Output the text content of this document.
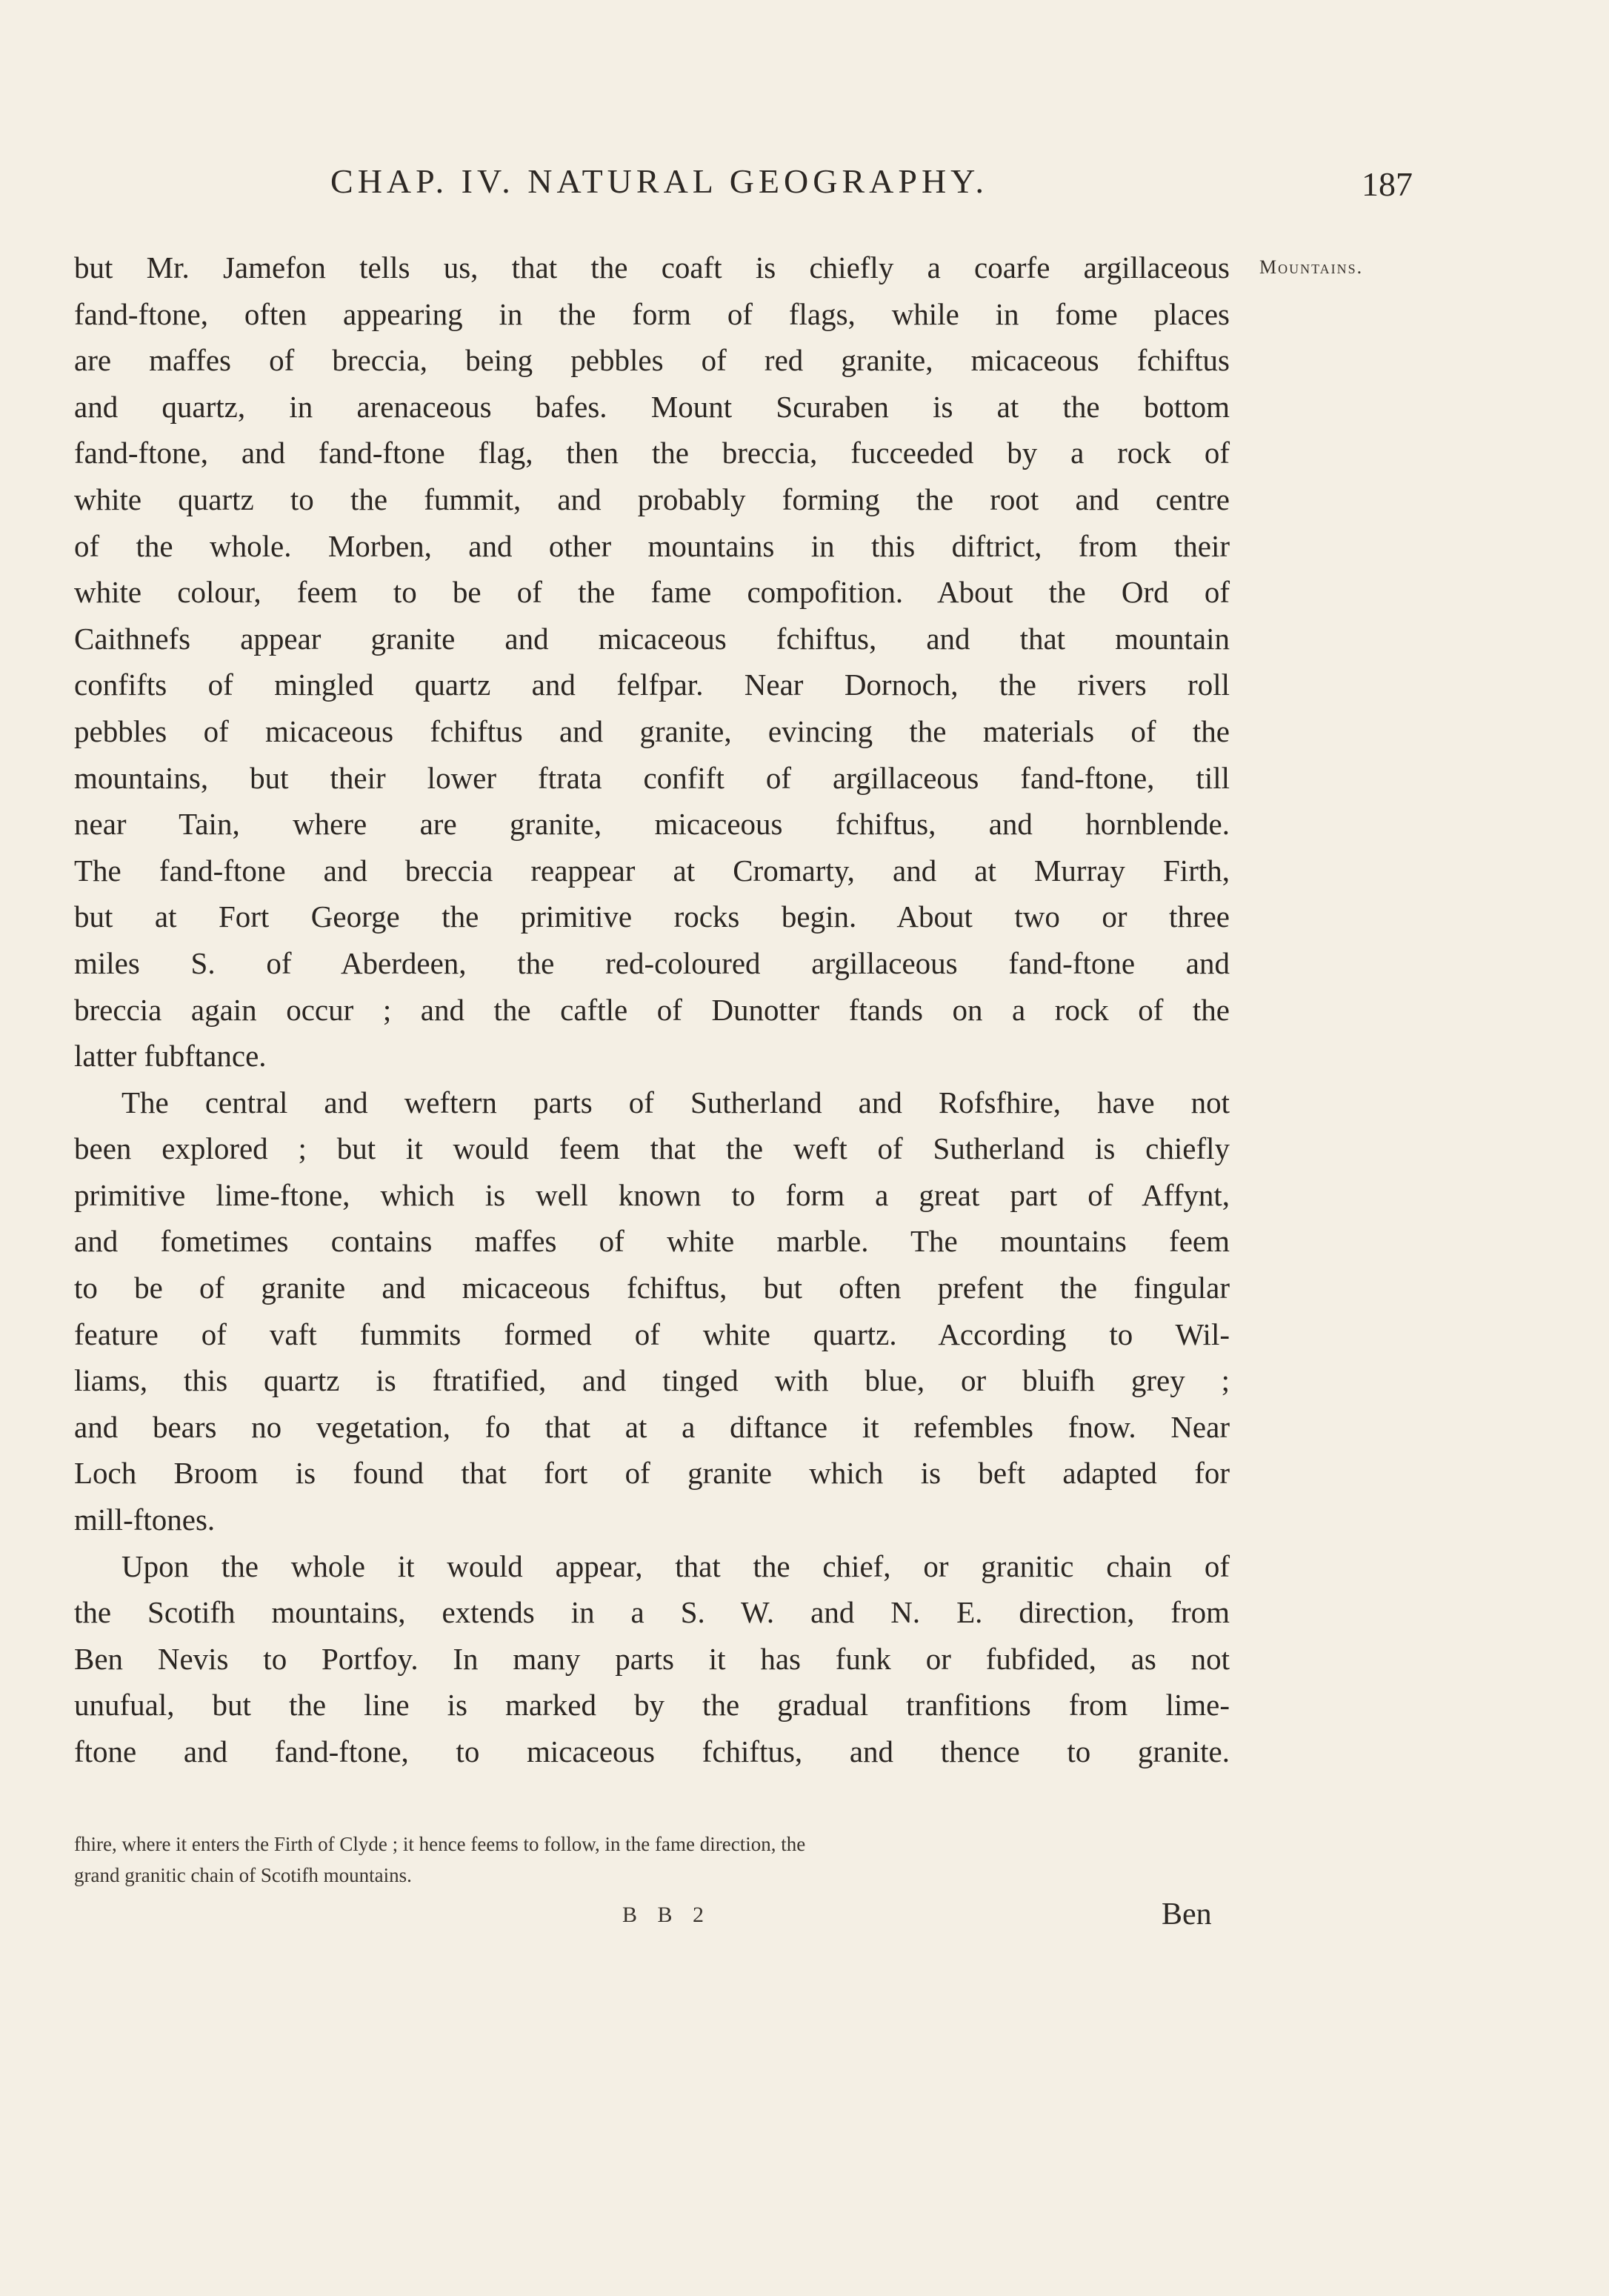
CHAP. IV. NATURAL GEOGRAPHY.	187
Mountains.
but Mr. Jamefon tells us, that the coaft is chiefly a coarfe argillaceous
fand-ftone, often appearing in the form of flags, while in fome places
are maffes of breccia, being pebbles of red granite, micaceous fchiftus
and quartz, in arenaceous bafes. Mount Scuraben is at the bottom
fand-ftone, and fand-ftone flag, then the breccia, fucceeded by a rock of
white quartz to the fummit, and probably forming the root and centre
of the whole. Morben, and other mountains in this diftrict, from their
white colour, feem to be of the fame compofition. About the Ord of
Caithnefs appear granite and micaceous fchiftus, and that mountain
confifts of mingled quartz and felfpar. Near Dornoch, the rivers roll
pebbles of micaceous fchiftus and granite, evincing the materials of the
mountains, but their lower ftrata confift of argillaceous fand-ftone, till
near Tain, where are granite, micaceous fchiftus, and hornblende.
The fand-ftone and breccia reappear at Cromarty, and at Murray Firth,
but at Fort George the primitive rocks begin. About two or three
miles S. of Aberdeen, the red-coloured argillaceous fand-ftone and
breccia again occur ; and the caftle of Dunotter ftands on a rock of the
latter fubftance.
The central and weftern parts of Sutherland and Rofsfhire, have not
been explored ; but it would feem that the weft of Sutherland is chiefly
primitive lime-ftone, which is well known to form a great part of Affynt,
and fometimes contains maffes of white marble. The mountains feem
to be of granite and micaceous fchiftus, but often prefent the fingular
feature of vaft fummits formed of white quartz. According to Wil-
liams, this quartz is ftratified, and tinged with blue, or bluifh grey ;
and bears no vegetation, fo that at a diftance it refembles fnow. Near
Loch Broom is found that fort of granite which is beft adapted for
mill-ftones.
Upon the whole it would appear, that the chief, or granitic chain of
the Scotifh mountains, extends in a S. W. and N. E. direction, from
Ben Nevis to Portfoy. In many parts it has funk or fubfided, as not
unufual, but the line is marked by the gradual tranfitions from lime-
ftone and fand-ftone, to micaceous fchiftus, and thence to granite.
fhire, where it enters the Firth of Clyde ; it hence feems to follow, in the fame direction, the
grand granitic chain of Scotifh mountains.
B B 2	Ben
